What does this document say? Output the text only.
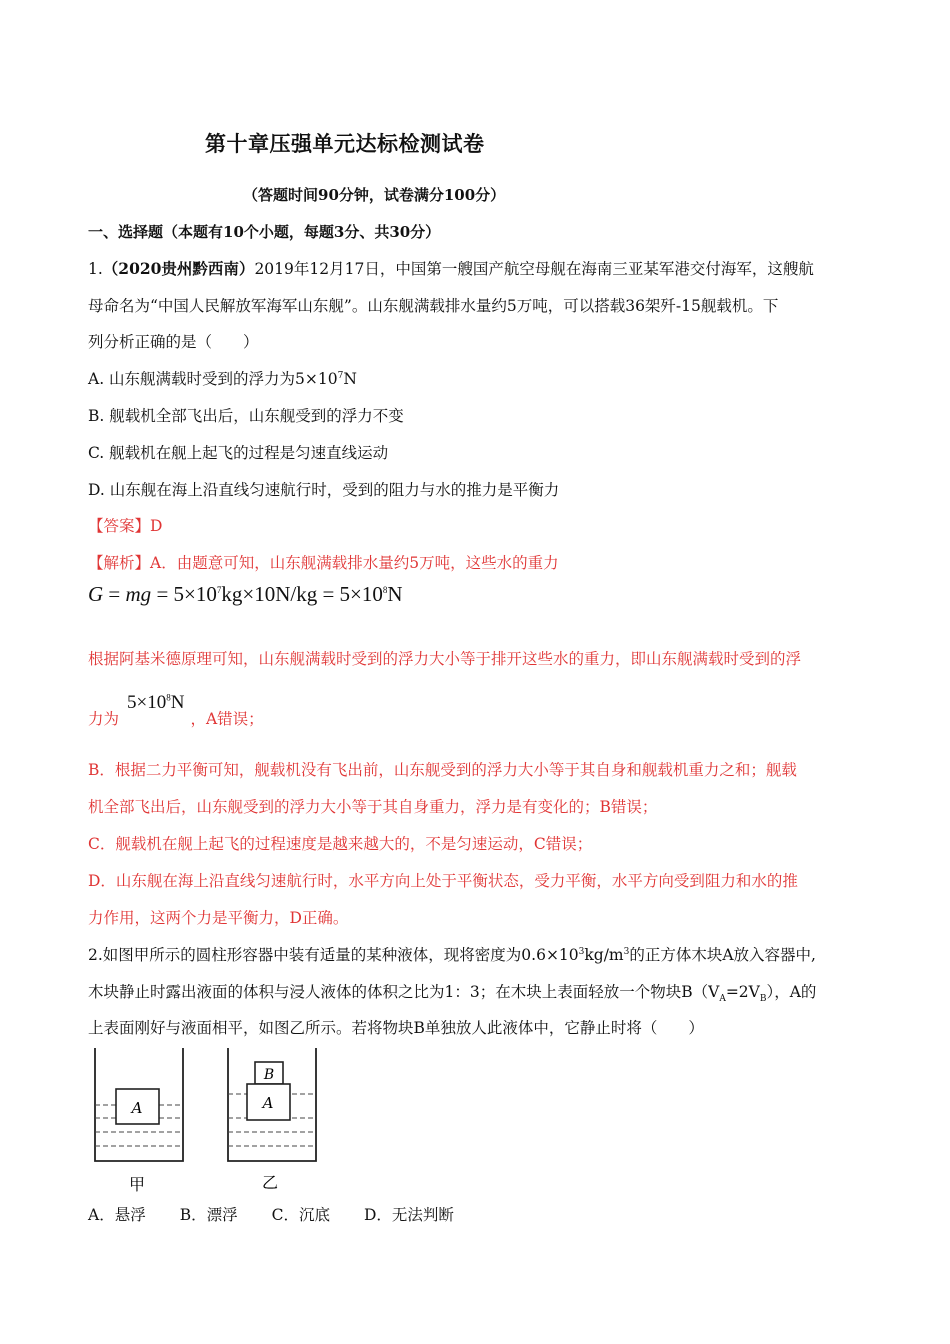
第十章压强单元达标检测试卷
（答题时间90分钟，试卷满分100分）
一、选择题（本题有10个小题，每题3分、共30分）
1.（2020贵州黔西南）2019年12月17日，中国第一艘国产航空母舰在海南三亚某军港交付海军，这艘航
母命名为“中国人民解放军海军山东舰”。山东舰满载排水量约5万吨，可以搭载36架歼-15舰载机。下
列分析正确的是（　　）
A. 山东舰满载时受到的浮力为$5\times 10^7N$
B. 舰载机全部飞出后，山东舰受到的浮力不变
C. 舰载机在舰上起飞的过程是匀速直线运动
D. 山东舰在海上沿直线匀速航行时，受到的阻力与水的推力是平衡力
【答案】D
【解析】A．由题意可知，山东舰满载排水量约5万吨，这些水的重力
G = mg = $5\times 10^7kg\times 10N/kg = 5\times 10^8N$
根据阿基米德原理可知，山东舰满载时受到的浮力大小等于排开这些水的重力，即山东舰满载时受到的浮
力为$5\times 10^8N$，A错误；
B．根据二力平衡可知，舰载机没有飞出前，山东舰受到的浮力大小等于其自身和舰载机重力之和；舰载
机全部飞出后，山东舰受到的浮力大小等于其自身重力，浮力是有变化的；B错误；
C．舰载机在舰上起飞的过程速度是越来越大的，不是匀速运动，C错误；
D．山东舰在海上沿直线匀速航行时，水平方向上处于平衡状态，受力平衡，水平方向受到阻力和水的推
力作用，这两个力是平衡力，D正确。
2.如图甲所示的圆柱形容器中装有适量的某种液体，现将密度为$0.6\times 10^3kg/m^3$的正方体木块A放入容器中,
木块静止时露出液面的体积与浸人液体的体积之比为1：3；在木块上表面轻放一个物块$B(V_A=2V_B)$，A的
上表面刚好与液面相平，如图乙所示。若将物块B单独放人此液体中，它静止时将（　　）
A
B
A
甲	乙
A．悬浮 B．漂浮 C．沉底 D．无法判断
